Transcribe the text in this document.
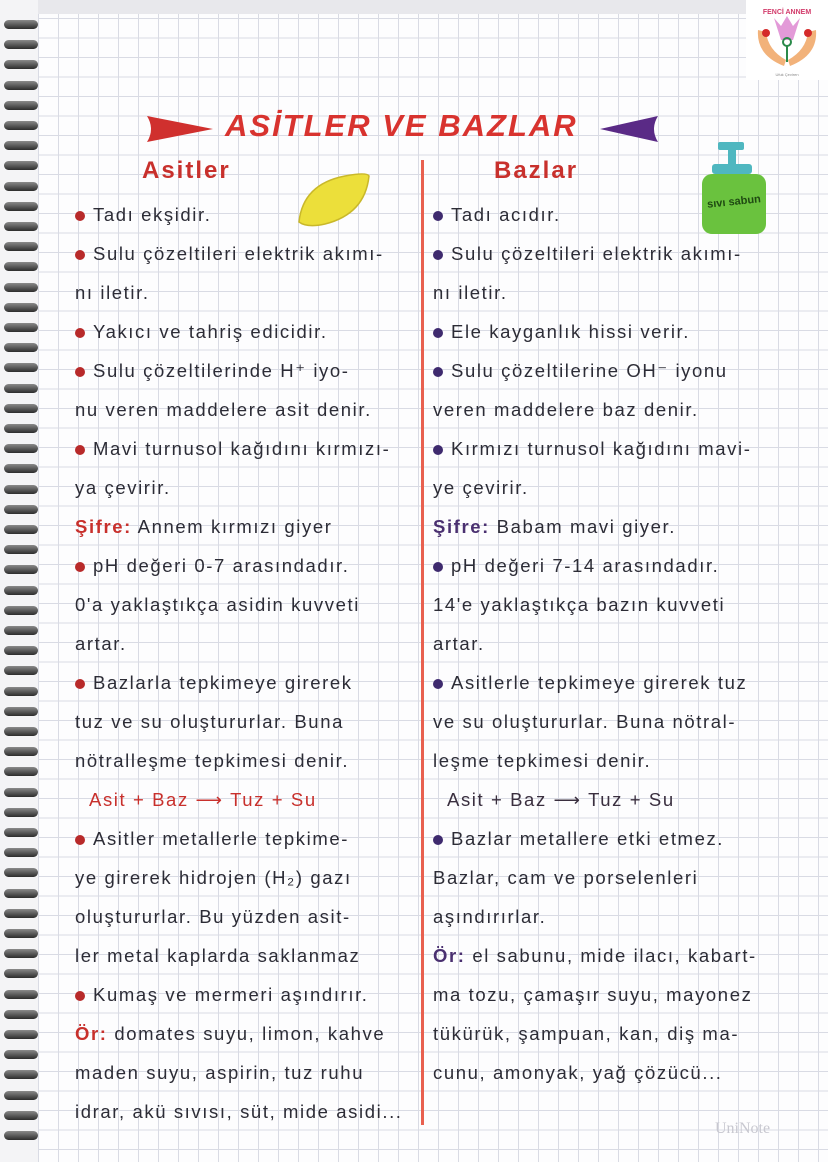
FENCİ ANNEM
Ufuk Çeviren
ASİTLER VE BAZLAR
Asitler	Bazlar
sıvı sabun
Tadı ekşidir.
Sulu çözeltileri elektrik akımı-
nı iletir.
Yakıcı ve tahriş edicidir.
Sulu çözeltilerinde H⁺ iyo-
nu veren maddelere asit denir.
Mavi turnusol kağıdını kırmızı-
ya çevirir.
Şifre: Annem kırmızı giyer
pH değeri 0-7 arasındadır.
0'a yaklaştıkça asidin kuvveti
artar.
Bazlarla tepkimeye girerek
tuz ve su oluştururlar. Buna
nötralleşme tepkimesi denir.
Asit + Baz ⟶ Tuz + Su
Asitler metallerle tepkime-
ye girerek hidrojen (H₂) gazı
oluştururlar. Bu yüzden asit-
ler metal kaplarda saklanmaz
Kumaş ve mermeri aşındırır.
Ör: domates suyu, limon, kahve
maden suyu, aspirin, tuz ruhu
idrar, akü sıvısı, süt, mide asidi...
Tadı acıdır.
Sulu çözeltileri elektrik akımı-
nı iletir.
Ele kayganlık hissi verir.
Sulu çözeltilerine OH⁻ iyonu
veren maddelere baz denir.
Kırmızı turnusol kağıdını mavi-
ye çevirir.
Şifre: Babam mavi giyer.
pH değeri 7-14 arasındadır.
14'e yaklaştıkça bazın kuvveti
artar.
Asitlerle tepkimeye girerek tuz
ve su oluştururlar. Buna nötral-
leşme tepkimesi denir.
Asit + Baz ⟶ Tuz + Su
Bazlar metallere etki etmez.
Bazlar, cam ve porselenleri
aşındırırlar.
Ör: el sabunu, mide ilacı, kabart-
ma tozu, çamaşır suyu, mayonez
tükürük, şampuan, kan, diş ma-
cunu, amonyak, yağ çözücü...
UniNote
